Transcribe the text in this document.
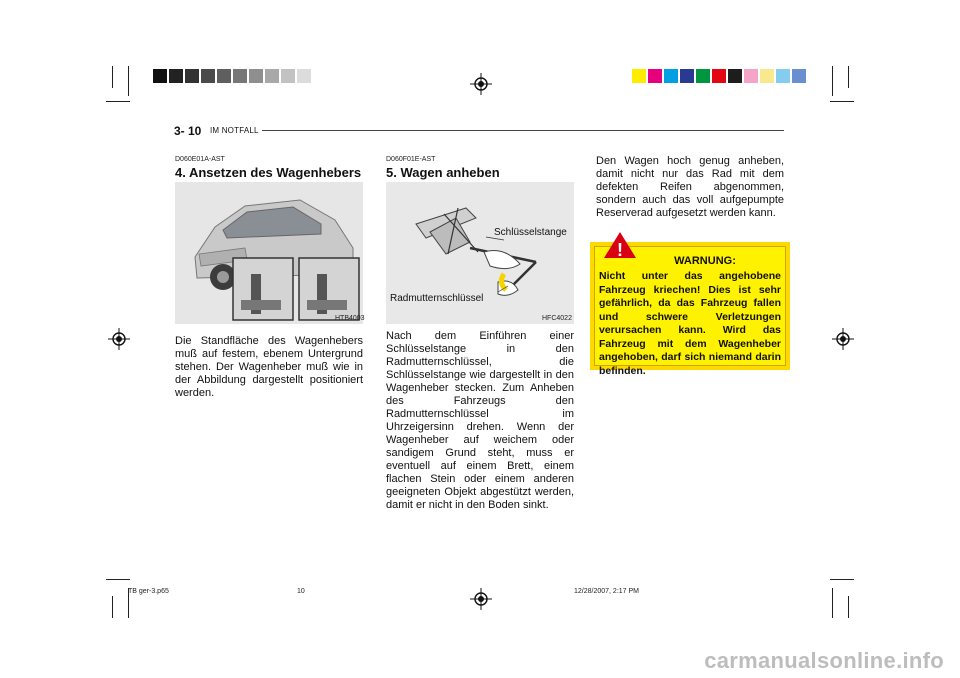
3- 10 IM NOTFALL
D060E01A-AST
4. Ansetzen des Wagenhebers
HTB4003
Die Standfläche des Wagenhebers muß auf festem, ebenem Untergrund stehen. Der Wagenheber muß wie in der Abbildung dargestellt positioniert werden.
D060F01E-AST
5. Wagen anheben
Schlüsselstange
Radmutternschlüssel
HFC4022
Nach dem Einführen einer Schlüsselstange in den Radmutternschlüssel, die Schlüsselstange wie dargestellt in den Wagenheber stecken. Zum Anheben des Fahrzeugs den Radmutternschlüssel im Uhrzeigersinn drehen. Wenn der Wagenheber auf weichem oder sandigem Grund steht, muss er eventuell auf einem Brett, einem flachen Stein oder einem anderen geeigneten Objekt abgestützt werden, damit er nicht in den Boden sinkt.
Den Wagen hoch genug anheben, damit nicht nur das Rad mit dem defekten Reifen abgenommen, sondern auch das voll aufgepumpte Reserverad aufgesetzt werden kann.
!
WARNUNG:
Nicht unter das angehobene Fahrzeug kriechen! Dies ist sehr gefährlich, da das Fahrzeug fallen und schwere Verletzungen verursachen kann. Wird das Fahrzeug mit dem Wagenheber angehoben, darf sich niemand darin befinden.
TB ger-3.p65	10	12/28/2007, 2:17 PM
carmanualsonline.info
